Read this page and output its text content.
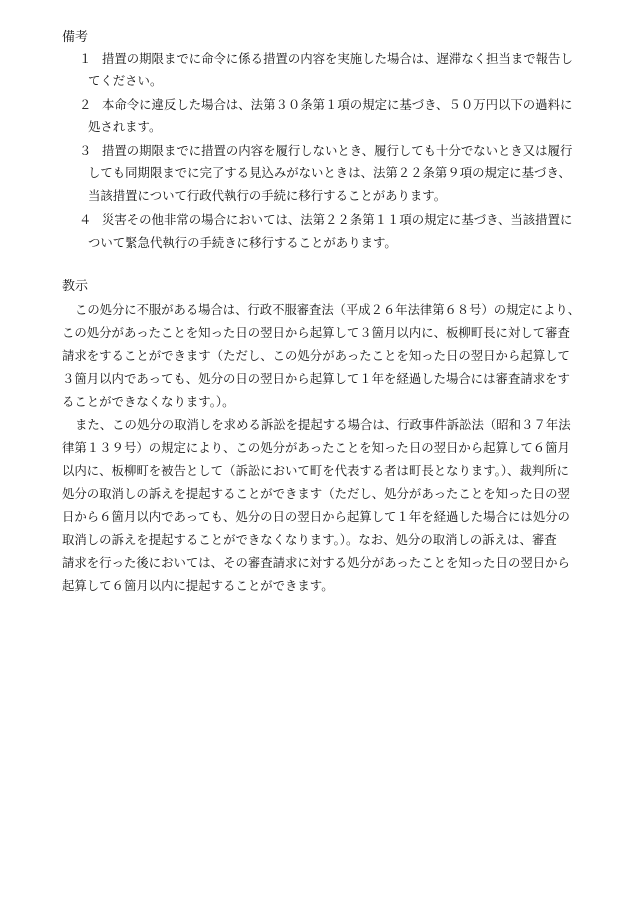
備考
１ 措置の期限までに命令に係る措置の内容を実施した場合は、遅滞なく担当まで報告し
てください。
２ 本命令に違反した場合は、法第３０条第１項の規定に基づき、５０万円以下の過料に
処されます。
３ 措置の期限までに措置の内容を履行しないとき、履行しても十分でないとき又は履行
しても同期限までに完了する見込みがないときは、法第２２条第９項の規定に基づき、
当該措置について行政代執行の手続に移行することがあります。
４ 災害その他非常の場合においては、法第２２条第１１項の規定に基づき、当該措置に
ついて緊急代執行の手続きに移行することがあります。
教示
この処分に不服がある場合は、行政不服審査法（平成２６年法律第６８号）の規定により、
この処分があったことを知った日の翌日から起算して３箇月以内に、板柳町長に対して審査
請求をすることができます（ただし、この処分があったことを知った日の翌日から起算して
３箇月以内であっても、処分の日の翌日から起算して１年を経過した場合には審査請求をす
ることができなくなります。）。
また、この処分の取消しを求める訴訟を提起する場合は、行政事件訴訟法（昭和３７年法
律第１３９号）の規定により、この処分があったことを知った日の翌日から起算して６箇月
以内に、板柳町を被告として（訴訟において町を代表する者は町長となります。）、裁判所に
処分の取消しの訴えを提起することができます（ただし、処分があったことを知った日の翌
日から６箇月以内であっても、処分の日の翌日から起算して１年を経過した場合には処分の
取消しの訴えを提起することができなくなります。）。なお、処分の取消しの訴えは、審査
請求を行った後においては、その審査請求に対する処分があったことを知った日の翌日から
起算して６箇月以内に提起することができます。
